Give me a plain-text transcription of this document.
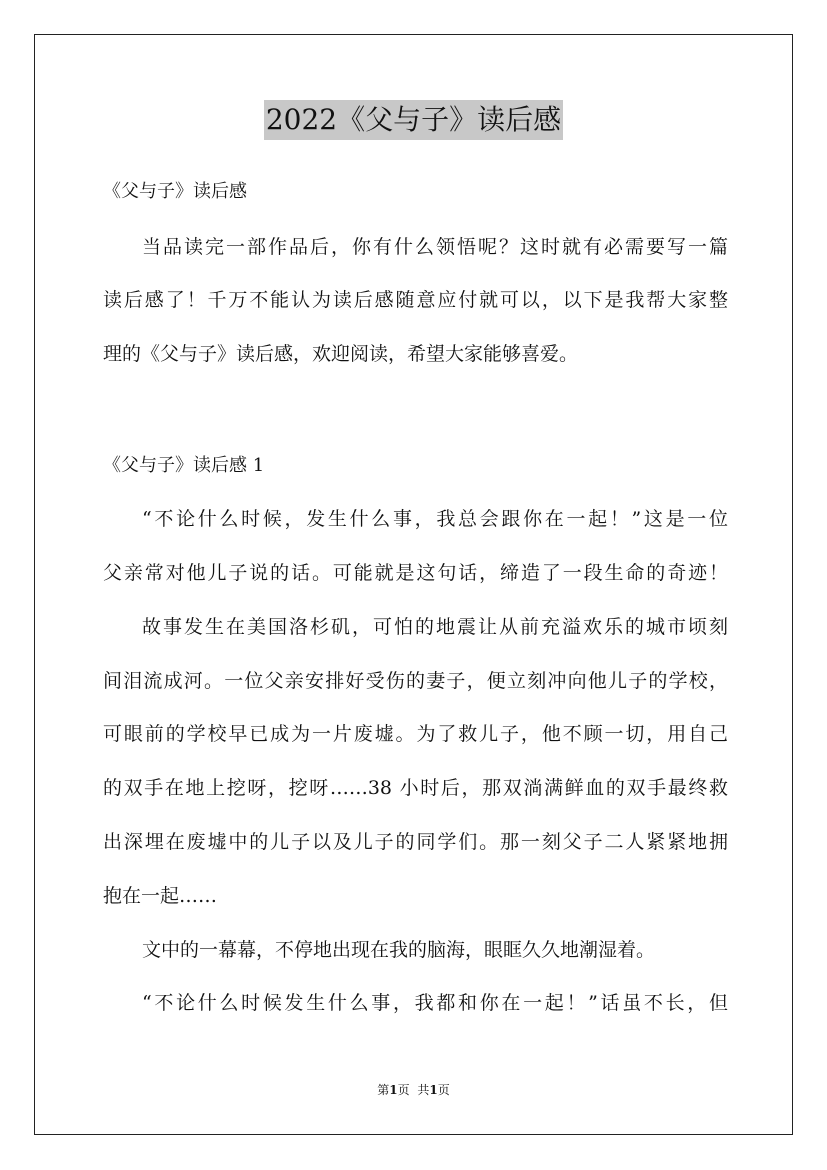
2022《父与子》读后感
《父与子》读后感
当品读完一部作品后，你有什么领悟呢？这时就有必需要写一篇
读后感了！千万不能认为读后感随意应付就可以，以下是我帮大家整
理的《父与子》读后感，欢迎阅读，希望大家能够喜爱。
《父与子》读后感 1
“不论什么时候，发生什么事，我总会跟你在一起！”这是一位
父亲常对他儿子说的话。可能就是这句话，缔造了一段生命的奇迹！
故事发生在美国洛杉矶，可怕的地震让从前充溢欢乐的城市顷刻
间泪流成河。一位父亲安排好受伤的妻子，便立刻冲向他儿子的学校，
可眼前的学校早已成为一片废墟。为了救儿子，他不顾一切，用自己
的双手在地上挖呀，挖呀……38 小时后，那双淌满鲜血的双手最终救
出深埋在废墟中的儿子以及儿子的同学们。那一刻父子二人紧紧地拥
抱在一起……
文中的一幕幕，不停地出现在我的脑海，眼眶久久地潮湿着。
“不论什么时候发生什么事，我都和你在一起！”话虽不长，但
第1页 共1页
